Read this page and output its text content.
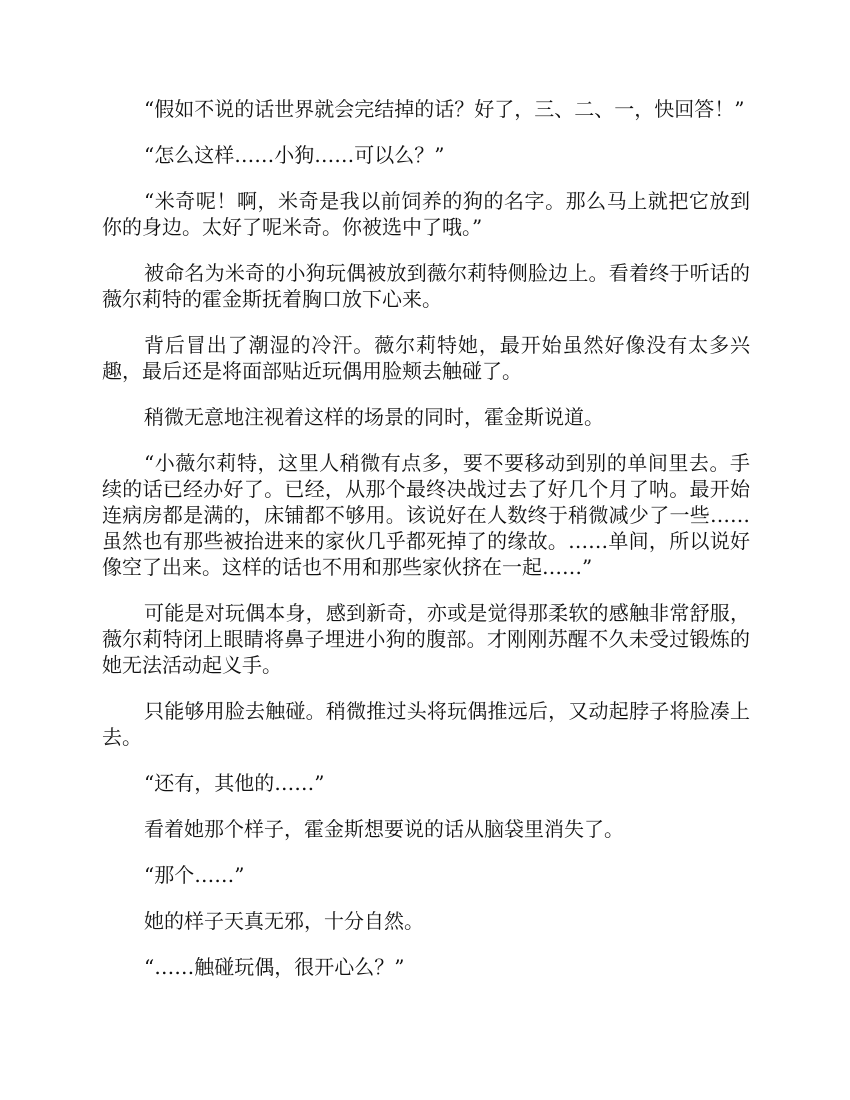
“假如不说的话世界就会完结掉的话？好了，三、二、一，快回答！”

“怎么这样……小狗……可以么？”

“米奇呢！啊，米奇是我以前饲养的狗的名字。那么马上就把它放到你的身边。太好了呢米奇。你被选中了哦。”

被命名为米奇的小狗玩偶被放到薇尔莉特侧脸边上。看着终于听话的薇尔莉特的霍金斯抚着胸口放下心来。

背后冒出了潮湿的冷汗。薇尔莉特她，最开始虽然好像没有太多兴趣，最后还是将面部贴近玩偶用脸颊去触碰了。

稍微无意地注视着这样的场景的同时，霍金斯说道。

“小薇尔莉特，这里人稍微有点多，要不要移动到别的单间里去。手续的话已经办好了。已经，从那个最终决战过去了好几个月了呐。最开始连病房都是满的，床铺都不够用。该说好在人数终于稍微减少了一些……虽然也有那些被抬进来的家伙几乎都死掉了的缘故。……单间，所以说好像空了出来。这样的话也不用和那些家伙挤在一起……”

可能是对玩偶本身，感到新奇，亦或是觉得那柔软的感触非常舒服，薇尔莉特闭上眼睛将鼻子埋进小狗的腹部。才刚刚苏醒不久未受过锻炼的她无法活动起义手。

只能够用脸去触碰。稍微推过头将玩偶推远后，又动起脖子将脸凑上去。

“还有，其他的……”

看着她那个样子，霍金斯想要说的话从脑袋里消失了。

“那个……”

她的样子天真无邪，十分自然。

“……触碰玩偶，很开心么？”
